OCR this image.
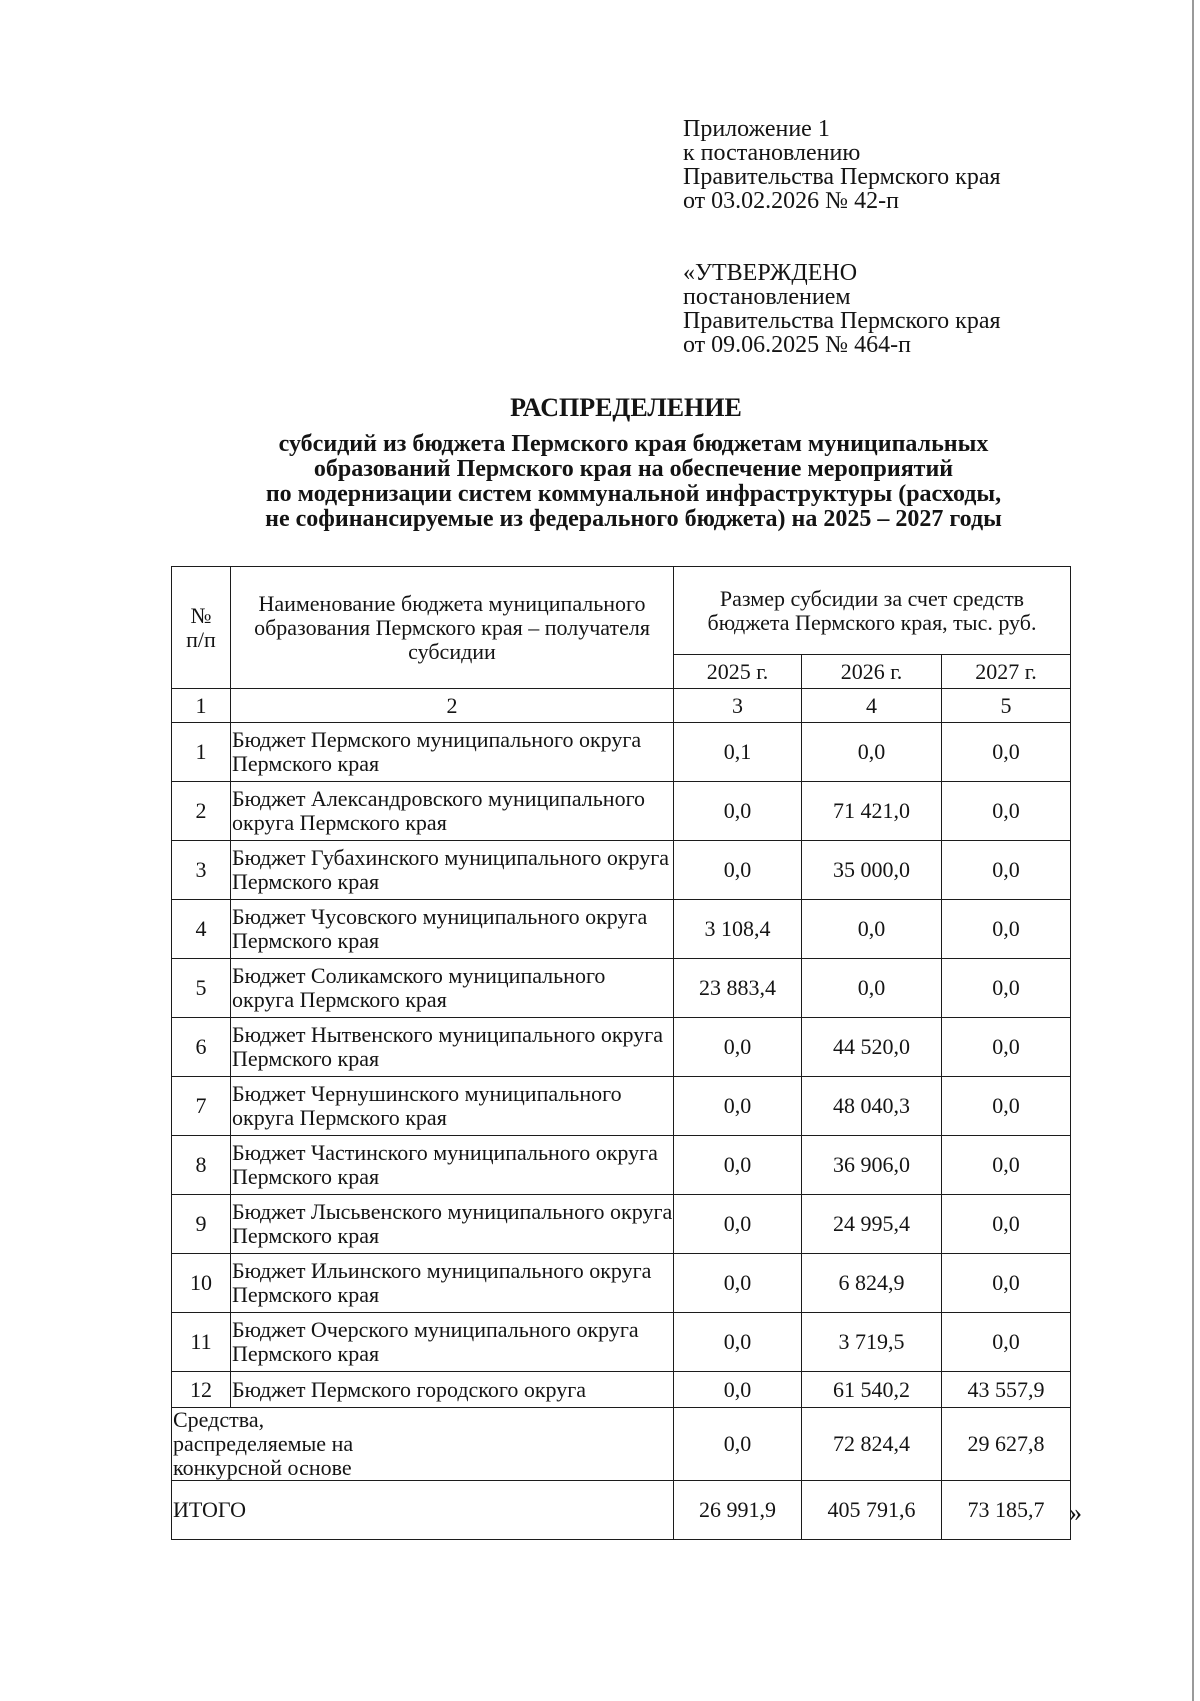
Приложение 1
к постановлению
Правительства Пермского края
от 03.02.2026 № 42-п
«УТВЕРЖДЕНО
постановлением
Правительства Пермского края
от 09.06.2025 № 464-п
РАСПРЕДЕЛЕНИЕ
субсидий из бюджета Пермского края бюджетам муниципальных
образований Пермского края на обеспечение мероприятий
по модернизации систем коммунальной инфраструктуры (расходы,
не софинансируемые из федерального бюджета) на 2025 – 2027 годы
№ п/п	Наименование бюджета муниципального образования Пермского края – получателя субсидии	Размер субсидии за счет средств бюджета Пермского края, тыс. руб.		
		2025 г.	2026 г.	2027 г.
1	2	3	4	5
1	Бюджет Пермского муниципального округа Пермского края	0,1	0,0	0,0
2	Бюджет Александровского муниципального округа Пермского края	0,0	71 421,0	0,0
3	Бюджет Губахинского муниципального округа Пермского края	0,0	35 000,0	0,0
4	Бюджет Чусовского муниципального округа Пермского края	3 108,4	0,0	0,0
5	Бюджет Соликамского муниципального округа Пермского края	23 883,4	0,0	0,0
6	Бюджет Нытвенского муниципального округа Пермского края	0,0	44 520,0	0,0
7	Бюджет Чернушинского муниципального округа Пермского края	0,0	48 040,3	0,0
8	Бюджет Частинского муниципального округа Пермского края	0,0	36 906,0	0,0
9	Бюджет Лысьвенского муниципального округа Пермского края	0,0	24 995,4	0,0
10	Бюджет Ильинского муниципального округа Пермского края	0,0	6 824,9	0,0
11	Бюджет Очерского муниципального округа Пермского края	0,0	3 719,5	0,0
12	Бюджет Пермского городского округа	0,0	61 540,2	43 557,9
Средства, распределяемые на конкурсной основе		0,0	72 824,4	29 627,8
ИТОГО		26 991,9	405 791,6	73 185,7 »
